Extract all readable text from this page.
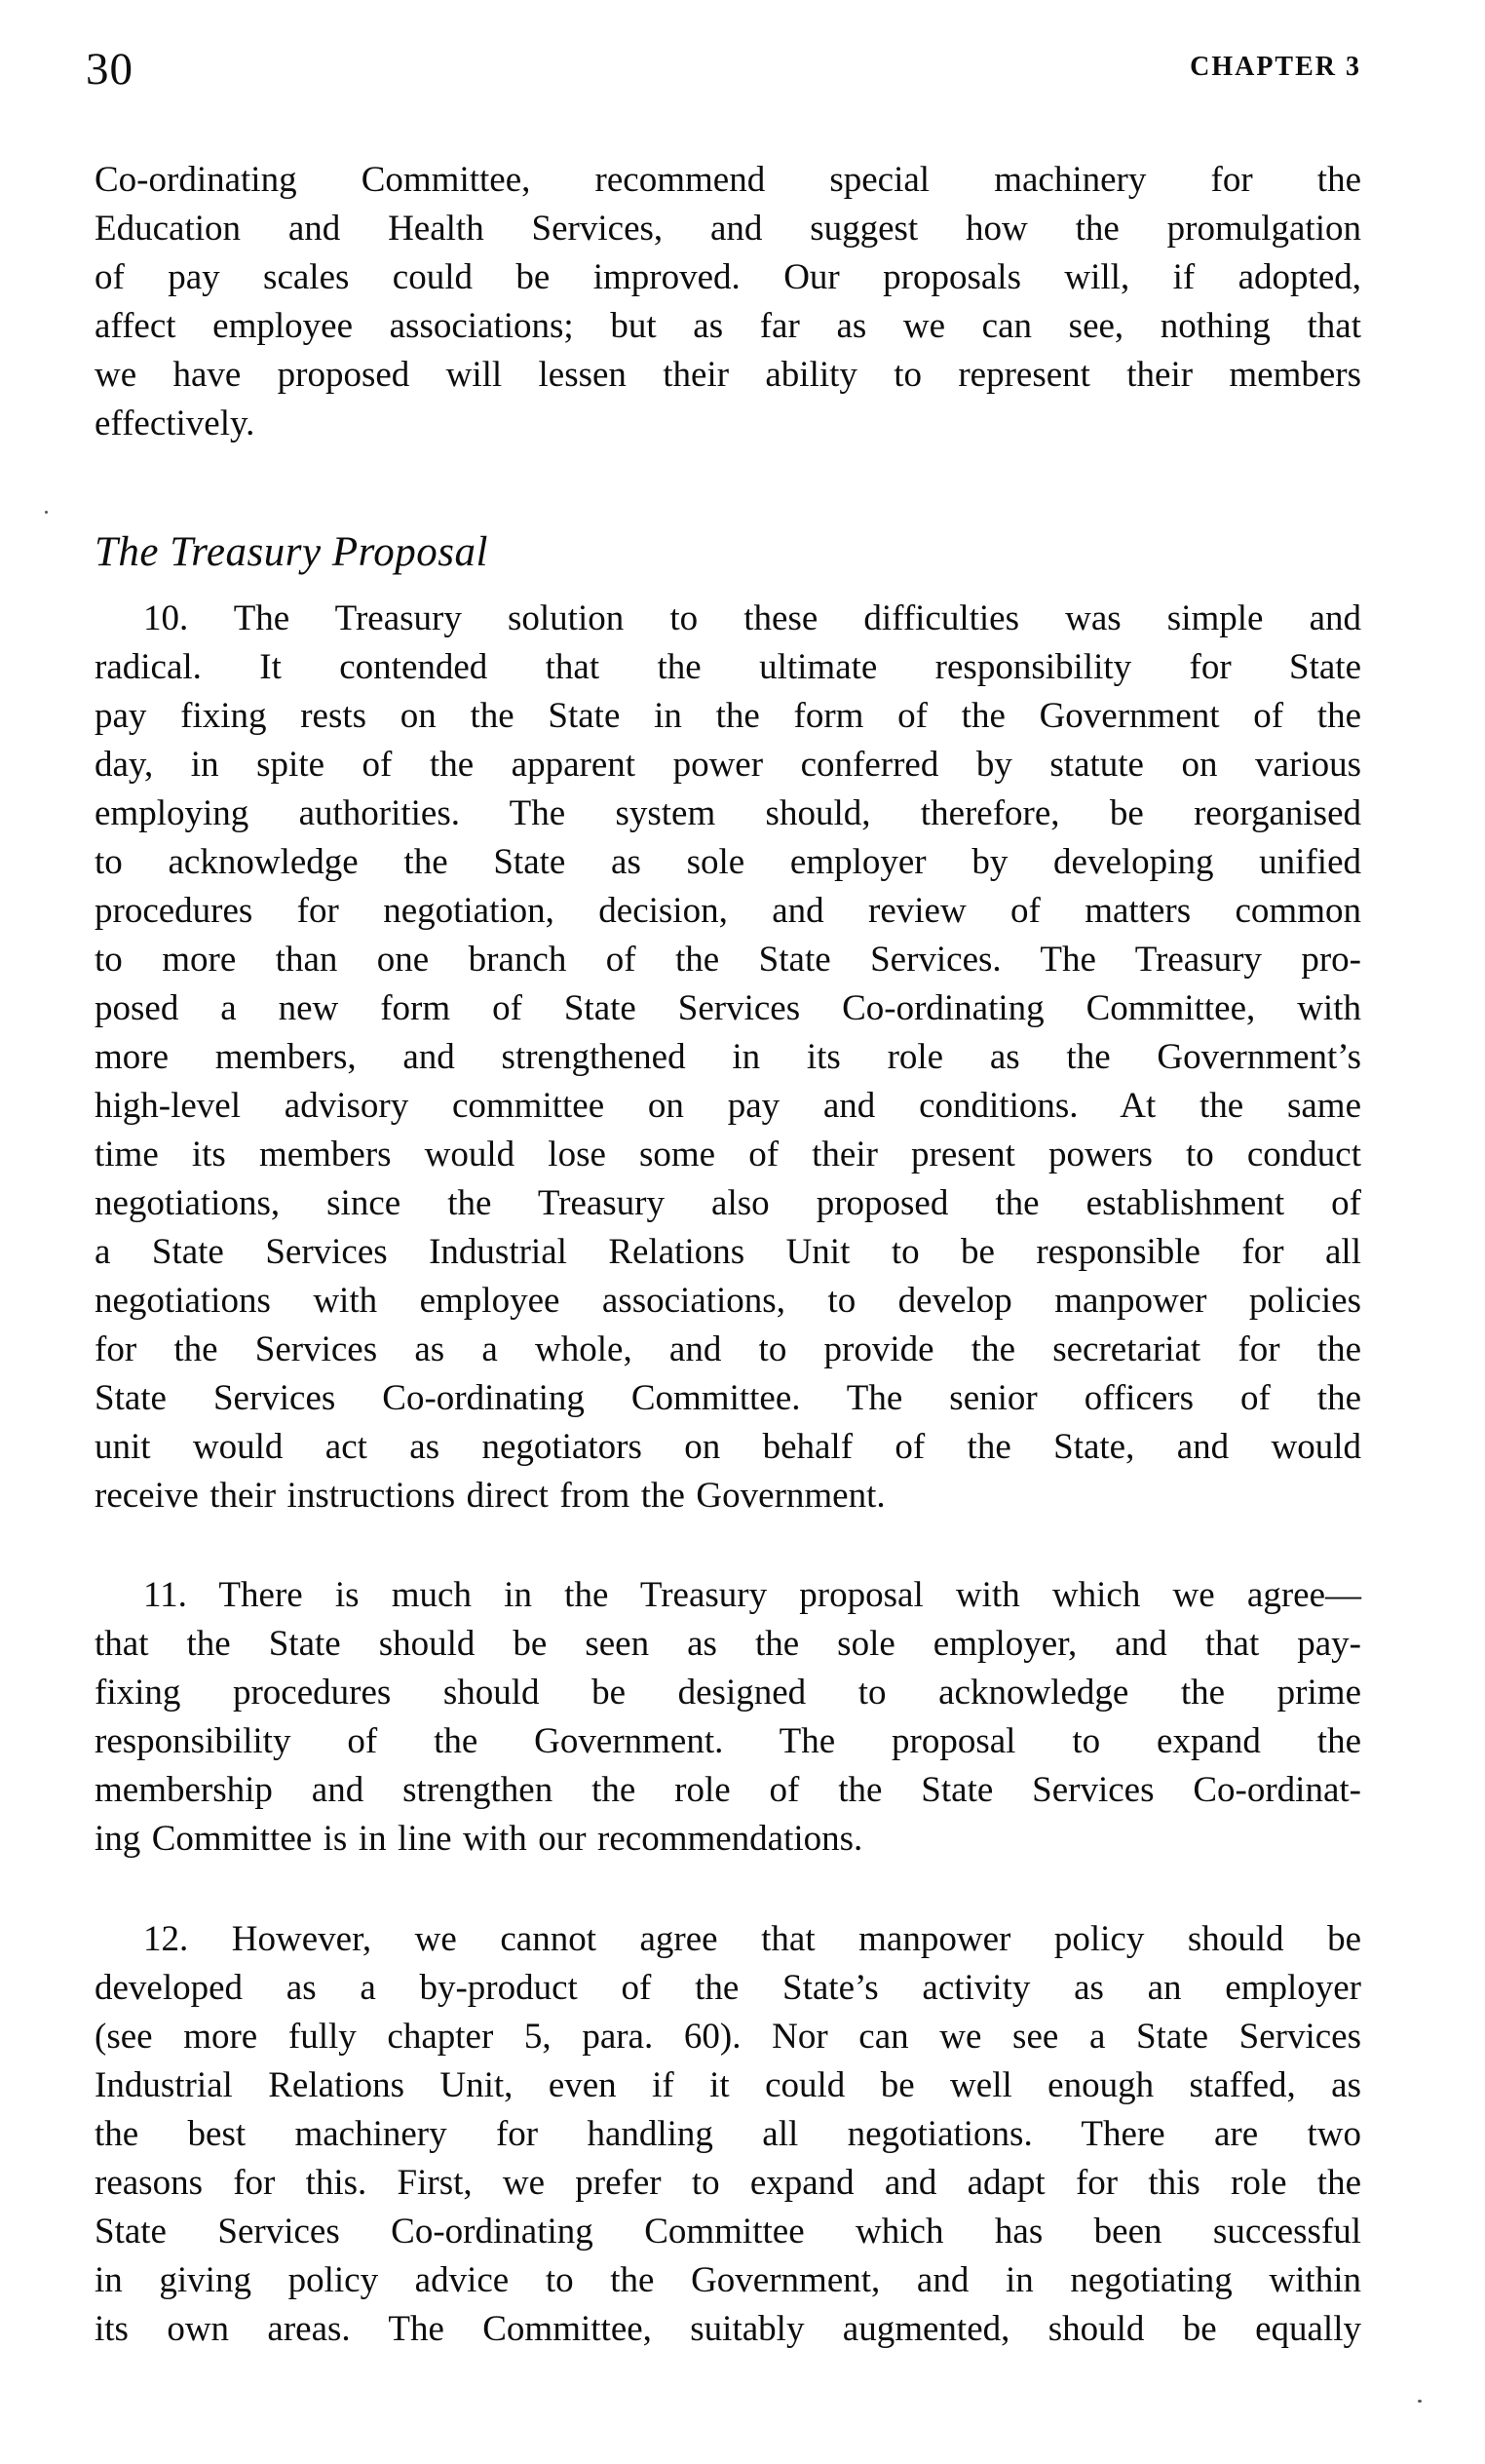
30	CHAPTER 3
Co-ordinating Committee, recommend special machinery for the
Education and Health Services, and suggest how the promulgation
of pay scales could be improved. Our proposals will, if adopted,
affect employee associations; but as far as we can see, nothing that
we have proposed will lessen their ability to represent their members
effectively.
The Treasury Proposal
10. The Treasury solution to these difficulties was simple and
radical. It contended that the ultimate responsibility for State
pay fixing rests on the State in the form of the Government of the
day, in spite of the apparent power conferred by statute on various
employing authorities. The system should, therefore, be reorganised
to acknowledge the State as sole employer by developing unified
procedures for negotiation, decision, and review of matters common
to more than one branch of the State Services. The Treasury pro-
posed a new form of State Services Co-ordinating Committee, with
more members, and strengthened in its role as the Government’s
high-level advisory committee on pay and conditions. At the same
time its members would lose some of their present powers to conduct
negotiations, since the Treasury also proposed the establishment of
a State Services Industrial Relations Unit to be responsible for all
negotiations with employee associations, to develop manpower policies
for the Services as a whole, and to provide the secretariat for the
State Services Co-ordinating Committee. The senior officers of the
unit would act as negotiators on behalf of the State, and would
receive their instructions direct from the Government.
11. There is much in the Treasury proposal with which we agree—
that the State should be seen as the sole employer, and that pay-
fixing procedures should be designed to acknowledge the prime
responsibility of the Government. The proposal to expand the
membership and strengthen the role of the State Services Co-ordinat-
ing Committee is in line with our recommendations.
12. However, we cannot agree that manpower policy should be
developed as a by-product of the State’s activity as an employer
(see more fully chapter 5, para. 60). Nor can we see a State Services
Industrial Relations Unit, even if it could be well enough staffed, as
the best machinery for handling all negotiations. There are two
reasons for this. First, we prefer to expand and adapt for this role the
State Services Co-ordinating Committee which has been successful
in giving policy advice to the Government, and in negotiating within
its own areas. The Committee, suitably augmented, should be equally
